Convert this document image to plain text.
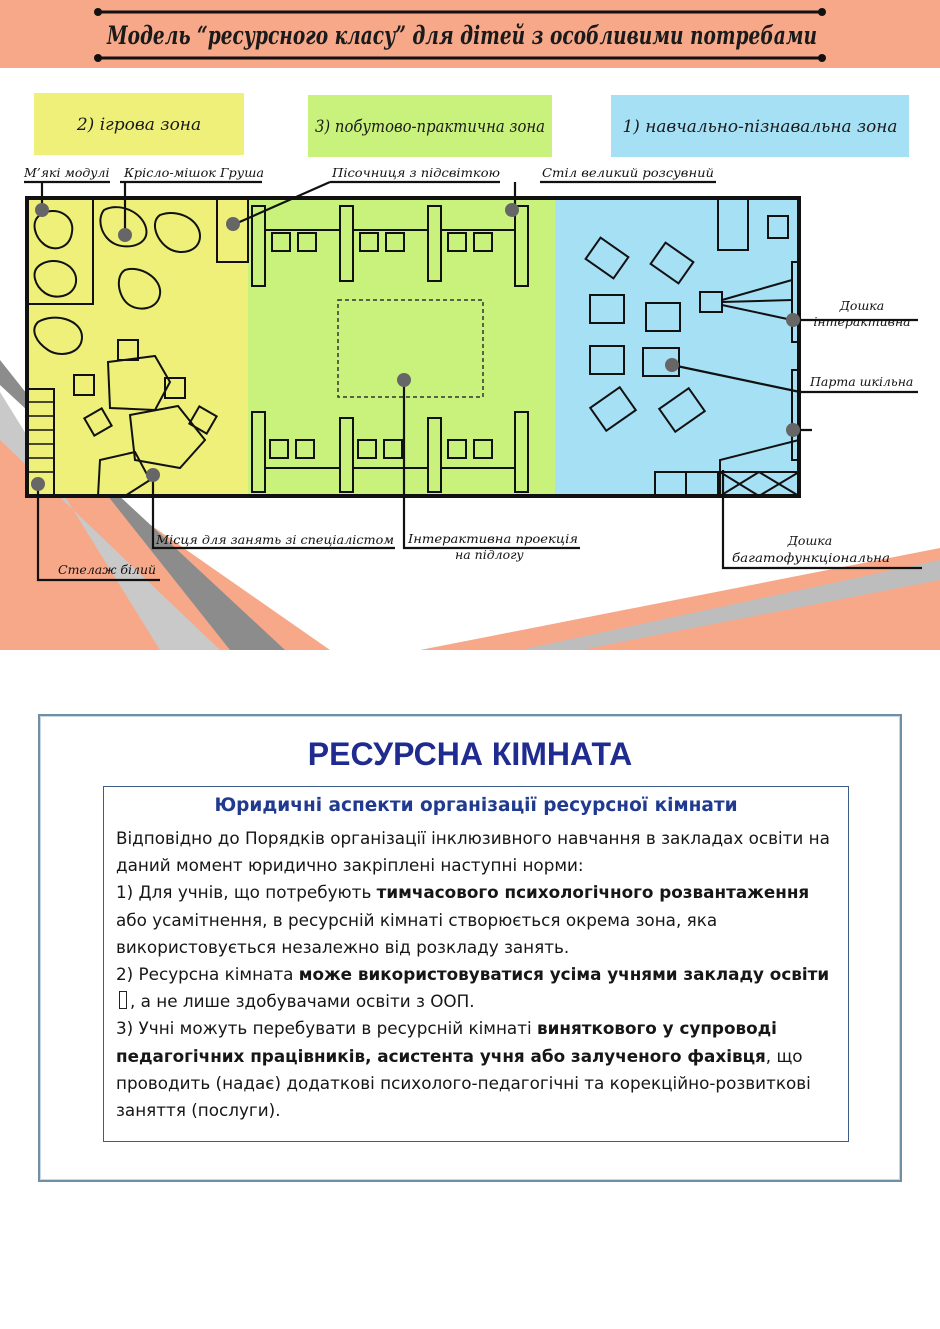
Модель “ресурсного класу” для дітей з особливими потребами
2) ігрова зона	3) побутово-практична зона	1) навчально-пізнавальна зона
М’які модулі Крісло-мішок Груша	Пісочниця з підсвіткою	Стіл великий розсувний
Дошка
інтерактивна
Парта шкільна
Місця для занять зі спеціалістом Інтерактивна проекція
на підлогу
Дошка
багатофункціональна
Стелаж білий
РЕСУРСНА КІМНАТА
Юридичні аспекти організації ресурсної кімнати

Відповідно до Порядків організації інклюзивного навчання в закладах освіти на даний момент юридично закріплені наступні норми:

1) Для учнів, що потребують тимчасового психологічного розвантаження або усамітнення, в ресурсній кімнаті створюється окрема зона, яка використовується незалежно від розкладу занять.

2) Ресурсна кімната може використовуватися усіма учнями закладу освіти, а не лише здобувачами освіти з ООП.

3) Учні можуть перебувати в ресурсній кімнаті виняткового у супроводі педагогічних працівників, асистента учня або залученого фахівця, що проводить (надає) додаткові психолого-педагогічні та корекційно-розвиткові заняття (послуги).
